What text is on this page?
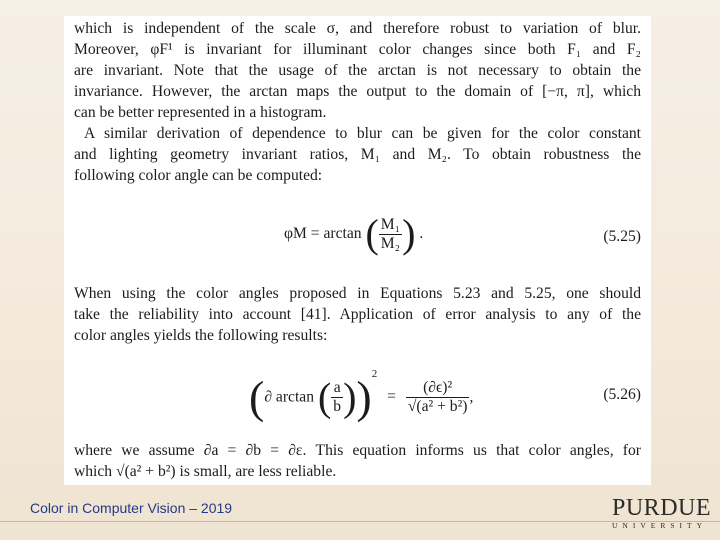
which is independent of the scale σ, and therefore robust to variation of blur.
Moreover, φF¹ is invariant for illuminant color changes since both F₁ and F₂
are invariant. Note that the usage of the arctan is not necessary to obtain the
invariance. However, the arctan maps the output to the domain of [−π, π], which
can be better represented in a histogram.
A similar derivation of dependence to blur can be given for the color constant
and lighting geometry invariant ratios, M₁ and M₂. To obtain robustness the
following color angle can be computed:
φM = arctan ( $\frac{\text{M₁}}{\text{M₂}}$ ) .	(5.25)
When using the color angles proposed in Equations 5.23 and 5.25, one should
take the reliability into account [41]. Application of error analysis to any of the
color angles yields the following results:
(∂ arctan ( $\frac{a}{b} ))^2 = \frac{\text{(∂ϵ)²}}{\text{√(a² + b²)}}$ ,	(5.26)
where we assume ∂a = ∂b = ∂ε. This equation informs us that color angles, for
which √(a² + b²) is small, are less reliable.
Color in Computer Vision – 2019	PURDUE
UNIVERSITY
